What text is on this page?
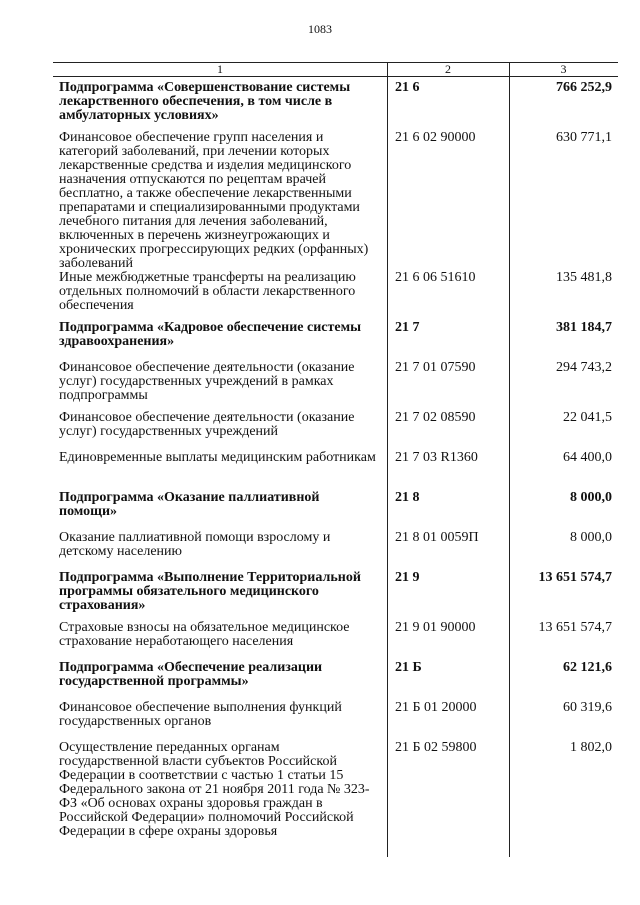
1083
1	2	3
Подпрограмма «Совершенствование системы лекарственного обеспечения, в том числе в амбулаторных условиях»
21 6	766 252,9
Финансовое обеспечение групп населения и категорий заболеваний, при лечении которых лекарственные средства и изделия медицинского назначения отпускаются по рецептам врачей бесплатно, а также обеспечение лекарственными препаратами и специализированными продуктами лечебного питания для лечения заболеваний, включенных в перечень жизнеугрожающих и хронических прогрессирующих редких (орфанных) заболеваний
21 6 02 90000	630 771,1
Иные межбюджетные трансферты на реализацию отдельных полномочий в области лекарственного обеспечения
21 6 06 51610	135 481,8
Подпрограмма «Кадровое обеспечение системы здравоохранения»
21 7	381 184,7
Финансовое обеспечение деятельности (оказание услуг) государственных учреждений в рамках подпрограммы
21 7 01 07590	294 743,2
Финансовое обеспечение деятельности (оказание услуг) государственных учреждений
21 7 02 08590	22 041,5
Единовременные выплаты медицинским работникам	21 7 03 R1360	64 400,0
Подпрограмма «Оказание паллиативной помощи»
21 8	8 000,0
Оказание паллиативной помощи взрослому и детскому населению
21 8 01 0059П	8 000,0
Подпрограмма «Выполнение Территориальной программы обязательного медицинского страхования»
21 9	13 651 574,7
Страховые взносы на обязательное медицинское страхование неработающего населения
21 9 01 90000	13 651 574,7
Подпрограмма «Обеспечение реализации государственной программы»
21 Б	62 121,6
Финансовое обеспечение выполнения функций государственных органов
21 Б 01 20000	60 319,6
Осуществление переданных органам государственной власти субъектов Российской Федерации в соответствии с частью 1 статьи 15 Федерального закона от 21 ноября 2011 года № 323-ФЗ «Об основах охраны здоровья граждан в Российской Федерации» полномочий Российской Федерации в сфере охраны здоровья
21 Б 02 59800	1 802,0
